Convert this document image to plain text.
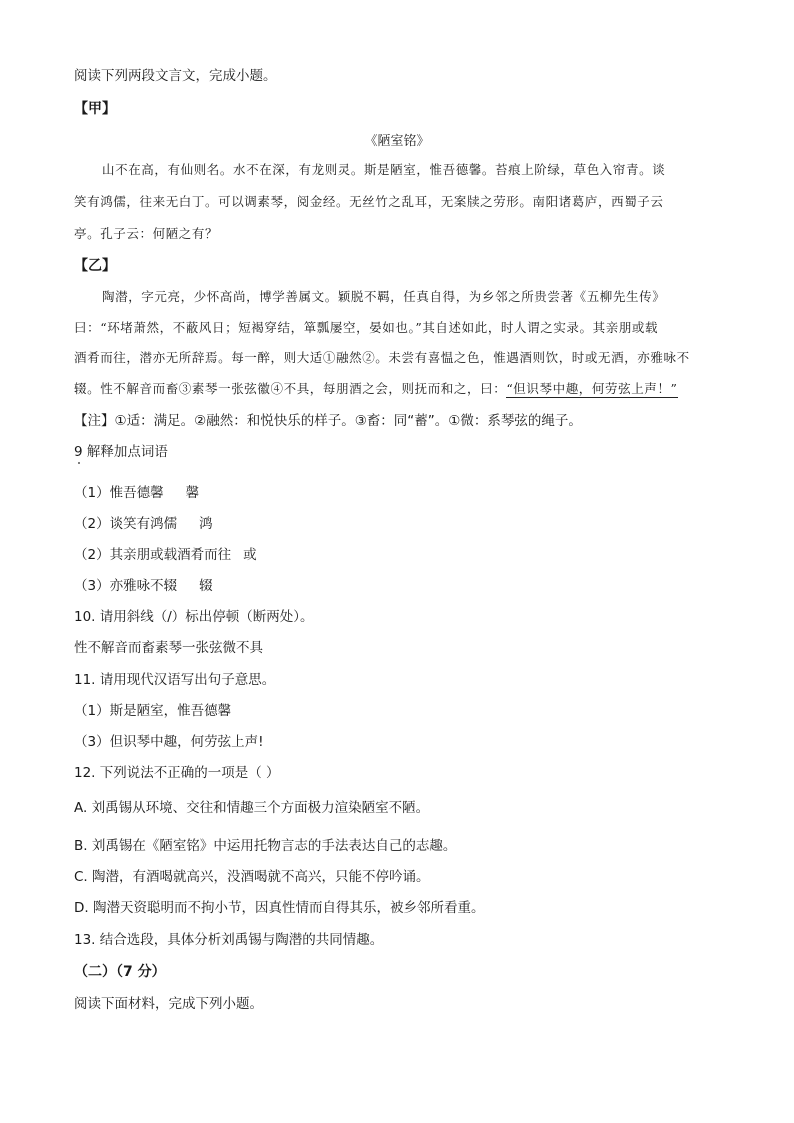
阅读下列两段文言文，完成小题。
【甲】
《陋室铭》
山不在高，有仙则名。水不在深，有龙则灵。斯是陋室，惟吾德馨。苔痕上阶绿，草色入帘青。谈
笑有鸿儒，往来无白丁。可以调素琴，阅金经。无丝竹之乱耳，无案牍之劳形。南阳诸葛庐，西蜀子云
亭。孔子云：何陋之有？
【乙】
陶潜，字元亮，少怀高尚，博学善属文。颖脱不羁，任真自得，为乡邻之所贵尝著《五柳先生传》
曰：“环堵萧然，不蔽风日；短褐穿结，箪瓢屡空，晏如也。”其自述如此，时人谓之实录。其亲朋或载
酒肴而往，潜亦无所辞焉。每一醉，则大适①融然②。未尝有喜愠之色，惟遇酒则饮，时或无酒，亦雅咏不
辍。性不解音而畜③素琴一张弦徽④不具，每朋酒之会，则抚而和之，曰：“但识琴中趣，何劳弦上声！”
【注】①适：满足。②融然：和悦快乐的样子。③畜：同“蓄”。①微：系琴弦的绳子。
9 解释加点词语
（1）惟吾德馨 馨
（2）谈笑有鸿儒 鸿
（2）其亲朋或载酒肴而往 或
（3）亦雅咏不辍 辍
10. 请用斜线（/）标出停顿（断两处）。
性不解音而畜素琴一张弦微不具
11. 请用现代汉语写出句子意思。
（1）斯是陋室，惟吾德馨
（3）但识琴中趣，何劳弦上声!
12. 下列说法不正确的一项是（ ）
A. 刘禹锡从环境、交往和情趣三个方面极力渲染陋室不陋。
B. 刘禹锡在《陋室铭》中运用托物言志的手法表达自己的志趣。
C. 陶潜，有酒喝就高兴，没酒喝就不高兴，只能不停吟诵。
D. 陶潜天资聪明而不拘小节，因真性情而自得其乐，被乡邻所看重。
13. 结合选段，具体分析刘禹锡与陶潜的共同情趣。
（二）（7 分）
阅读下面材料，完成下列小题。
